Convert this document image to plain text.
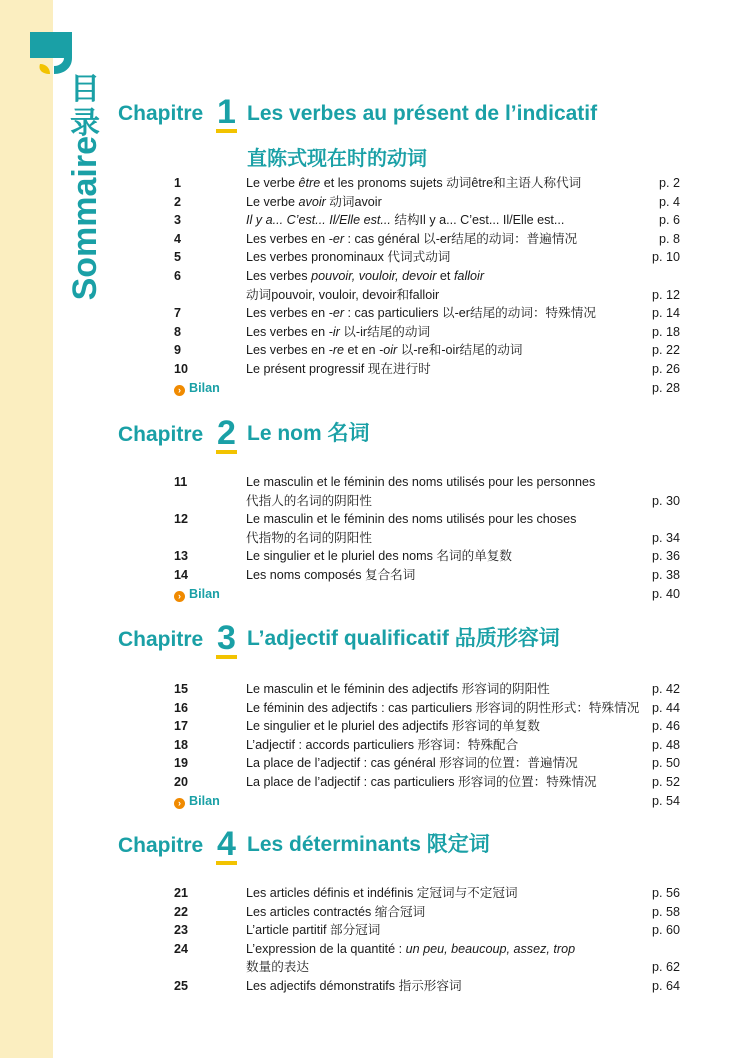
Sommaire
目
录 Chapitre 1 Les verbes au présent de l’indicatif
直陈式现在时的动词
1	Le verbe être et les pronoms sujets 动词être和主语人称代词	p. 2
2	Le verbe avoir 动词avoir	p. 4
3	Il y a... C’est... Il/Elle est... 结构Il y a... C’est... Il/Elle est...	p. 6
4	Les verbes en -er : cas général 以-er结尾的动词：普遍情况	p. 8
5	Les verbes pronominaux 代词式动词	p. 10
6	Les verbes pouvoir, vouloir, devoir et falloir
动词pouvoir, vouloir, devoir和falloir	p. 12
7	Les verbes en -er : cas particuliers 以-er结尾的动词：特殊情况	p. 14
8	Les verbes en -ir 以-ir结尾的动词	p. 18
9	Les verbes en -re et en -oir 以-re和-oir结尾的动词	p. 22
10	Le présent progressif 现在进行时	p. 26
› Bilan	p. 28
Chapitre 2 Le nom 名词
11	Le masculin et le féminin des noms utilisés pour les personnes
代指人的名词的阴阳性	p. 30
12	Le masculin et le féminin des noms utilisés pour les choses
代指物的名词的阴阳性	p. 34
13	Le singulier et le pluriel des noms 名词的单复数	p. 36
14	Les noms composés 复合名词	p. 38
› Bilan	p. 40
Chapitre 3 L’adjectif qualificatif 品质形容词
15	Le masculin et le féminin des adjectifs 形容词的阴阳性	p. 42
16	Le féminin des adjectifs : cas particuliers 形容词的阴性形式：特殊情况 p. 44
17	Le singulier et le pluriel des adjectifs 形容词的单复数	p. 46
18	L’adjectif : accords particuliers 形容词：特殊配合	p. 48
19	La place de l’adjectif : cas général 形容词的位置：普遍情况	p. 50
20	La place de l’adjectif : cas particuliers 形容词的位置：特殊情况	p. 52
› Bilan	p. 54
Chapitre 4 Les déterminants 限定词
21	Les articles définis et indéfinis 定冠词与不定冠词	p. 56
22	Les articles contractés 缩合冠词	p. 58
23	L’article partitif 部分冠词	p. 60
24	L’expression de la quantité : un peu, beaucoup, assez, trop
数量的表达	p. 62
25	Les adjectifs démonstratifs 指示形容词	p. 64
